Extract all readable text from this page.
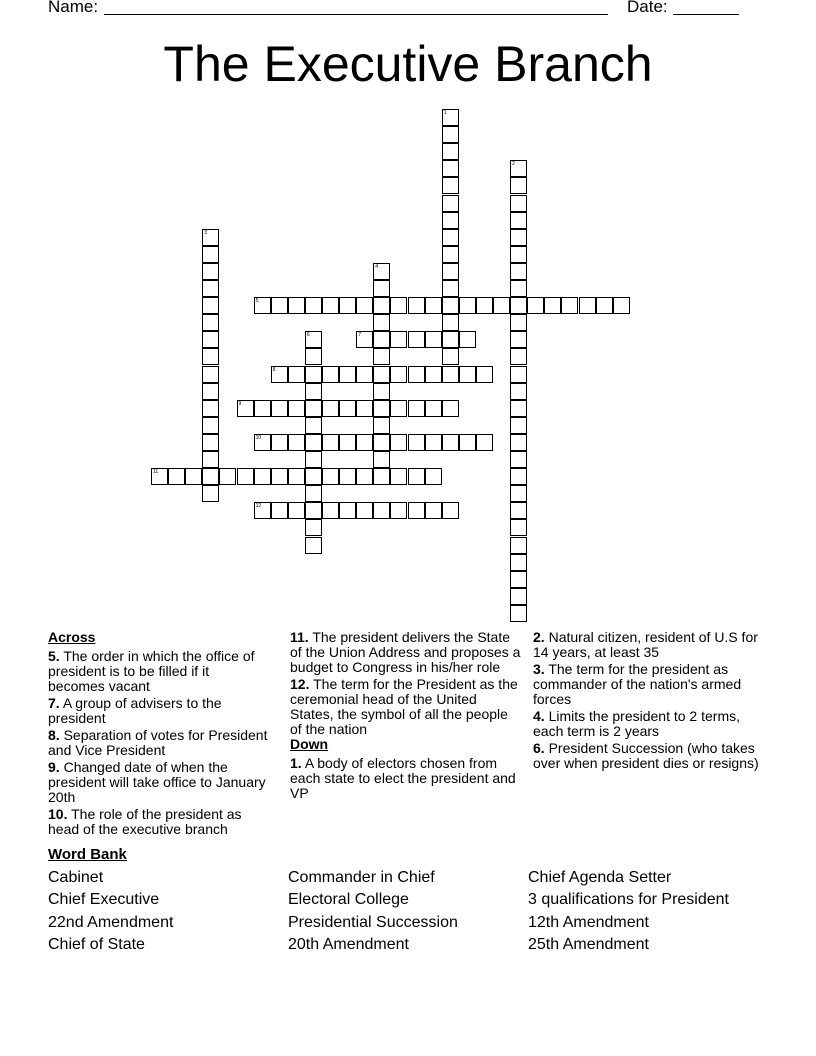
Name:	Date:
The Executive Branch
1
2
3
4
5
6	7
8
9
10
11
12
Across
5. The order in which the office of president is to be filled if it becomes vacant
7. A group of advisers to the president
8. Separation of votes for President and Vice President
9. Changed date of when the president will take office to January 20th
10. The role of the president as head of the executive branch
11. The president delivers the State of the Union Address and proposes a budget to Congress in his/her role
12. The term for the President as the ceremonial head of the United States, the symbol of all the people of the nation
Down
1. A body of electors chosen from each state to elect the president and VP
2. Natural citizen, resident of U.S for 14 years, at least 35
3. The term for the president as commander of the nation's armed forces
4. Limits the president to 2 terms, each term is 2 years
6. President Succession (who takes over when president dies or resigns)
Word Bank
Cabinet
Chief Executive
22nd Amendment
Chief of State
Commander in Chief
Electoral College
Presidential Succession
20th Amendment
Chief Agenda Setter
3 qualifications for President
12th Amendment
25th Amendment
